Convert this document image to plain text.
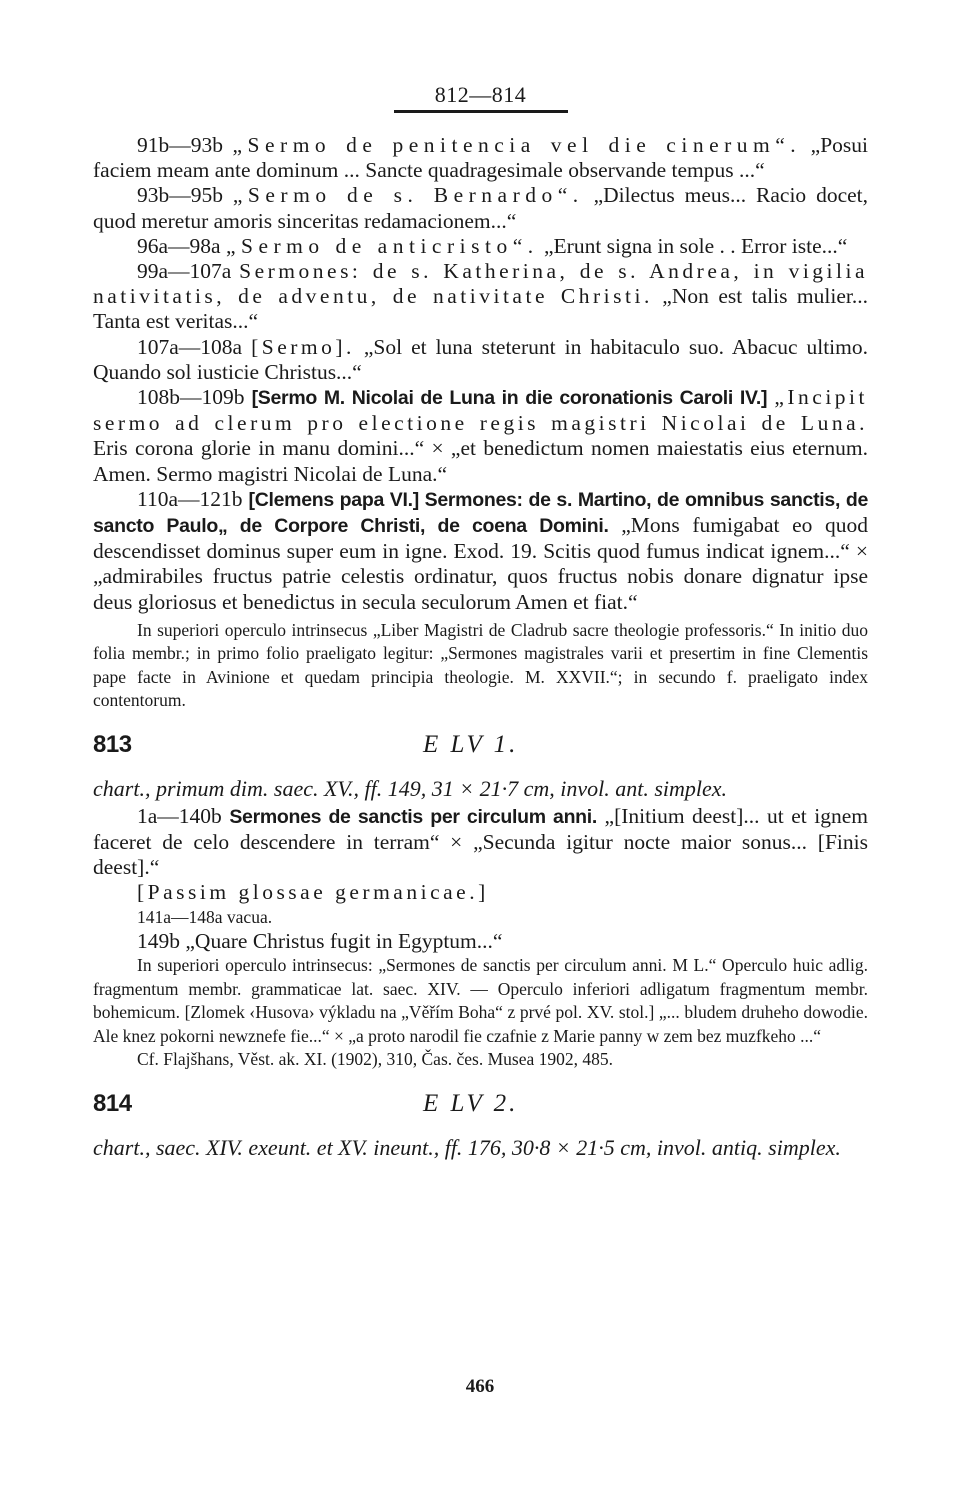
812—814

91b—93b „Sermo de penitencia vel die cinerum“. „Posui faciem meam ante dominum ... Sancte quadragesimale observande tempus ...“

93b—95b „Sermo de s. Bernardo“. „Dilectus meus... Racio docet, quod meretur amoris sinceritas redamacionem...“

96a—98a „Sermo de anticristo“. „Erunt signa in sole . . Error iste...“

99a—107a Sermones: de s. Katherina, de s. Andrea, in vigilia nativitatis, de adventu, de nativitate Christi. „Non est talis mulier... Tanta est veritas...“

107a—108a [Sermo]. „Sol et luna steterunt in habitaculo suo. Abacuc ultimo. Quando sol iusticie Christus...“

108b—109b [Sermo M. Nicolai de Luna in die coronationis Caroli IV.] „Incipit sermo ad clerum pro electione regis magistri Nicolai de Luna. Eris corona glorie in manu domini...“ × „et benedictum nomen maiestatis eius eternum. Amen. Sermo magistri Nicolai de Luna.“

110a—121b [Clemens papa VI.] Sermones: de s. Martino, de omnibus sanctis, de sancto Paulo„ de Corpore Christi, de coena Domini. „Mons fumigabat eo quod descendisset dominus super eum in igne. Exod. 19. Scitis quod fumus indicat ignem...“ × „admirabiles fructus patrie celestis ordinatur, quos fructus nobis donare dignatur ipse deus gloriosus et benedictus in secula seculorum Amen et fiat.“

In superiori operculo intrinsecus „Liber Magistri de Cladrub sacre theologie professoris.“ In initio duo folia membr.; in primo folio praeligato legitur: „Sermones magistrales varii et presertim in fine Clementis pape facte in Avinione et quedam principia theologie. M. XXVII.“; in secundo f. praeligato index contentorum.

813	E LV 1.

chart., primum dim. saec. XV., ff. 149, 31 × 21·7 cm, invol. ant. simplex.

1a—140b Sermones de sanctis per circulum anni. „[Initium deest]... ut et ignem faceret de celo descendere in terram“ × „Secunda igitur nocte maior sonus... [Finis deest].“

[Passim glossae germanicae.]

141a—148a vacua.

149b „Quare Christus fugit in Egyptum...“

In superiori operculo intrinsecus: „Sermones de sanctis per circulum anni. M L.“ Operculo huic adlig. fragmentum membr. grammaticae lat. saec. XIV. — Operculo inferiori adligatum fragmentum membr. bohemicum. [Zlomek ‹Husova› výkladu na „Věřím Boha“ z prvé pol. XV. stol.] „... bludem druheho dowodie. Ale knez pokorni newznefe fie...“ × „a proto narodil fie czafnie z Marie panny w zem bez muzfkeho ...“

Cf. Flajšhans, Věst. ak. XI. (1902), 310, Čas. čes. Musea 1902, 485.

814	E LV 2.

chart., saec. XIV. exeunt. et XV. ineunt., ff. 176, 30·8 × 21·5 cm, invol. antiq. simplex.

466
